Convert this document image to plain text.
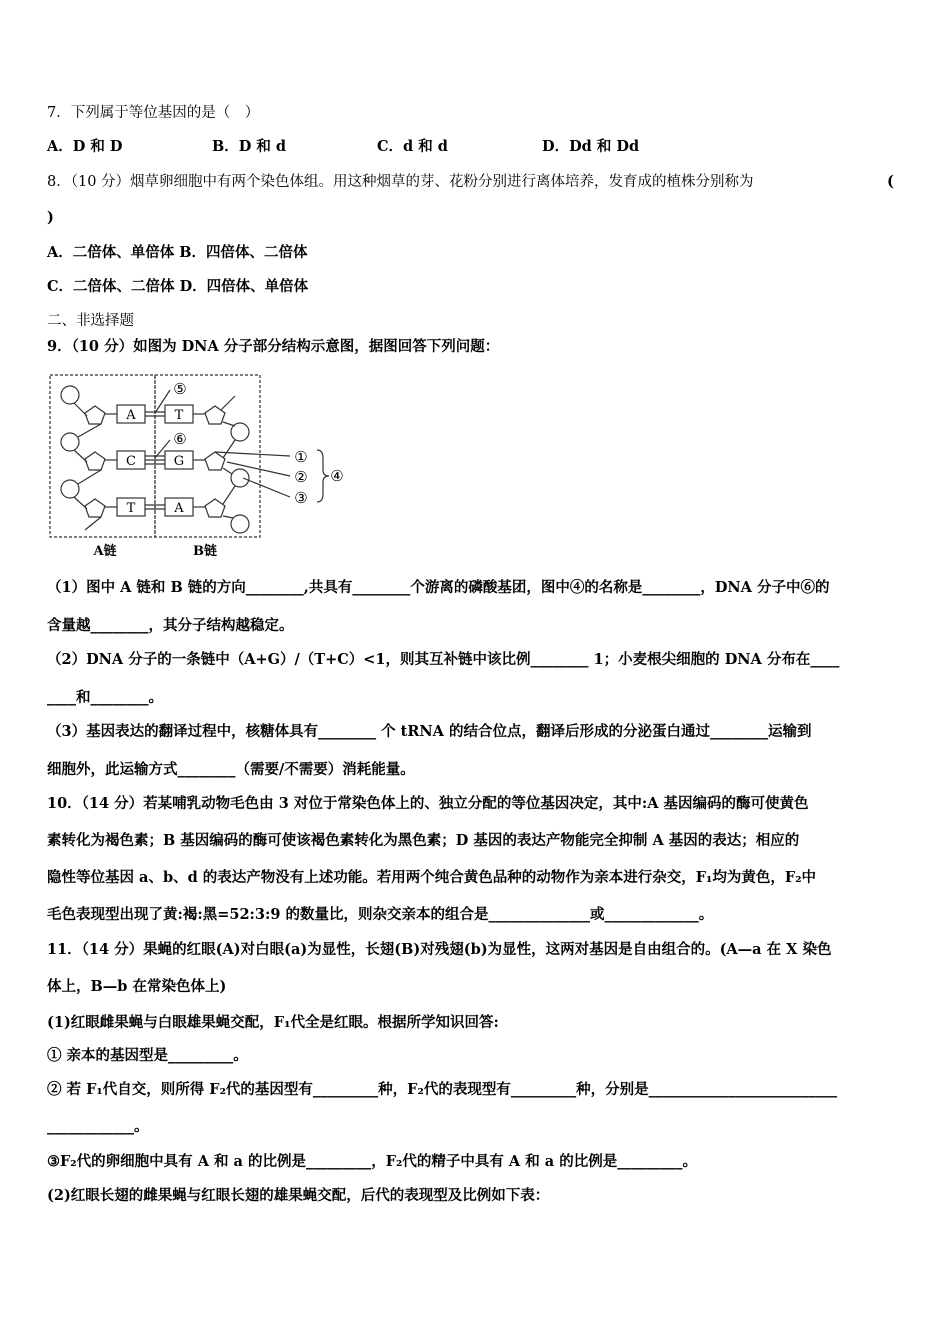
7．下列属于等位基因的是（　）
A．D 和 D	B．D 和 d	C．d 和 d	D．Dd 和 Dd
8．（10 分）烟草卵细胞中有两个染色体组。用这种烟草的芽、花粉分别进行离体培养，发育成的植株分别称为	(
)
A．二倍体、单倍体 B．四倍体、二倍体
C．二倍体、二倍体 D．四倍体、单倍体
二、非选择题
9．（10 分）如图为 DNA 分子部分结构示意图，据图回答下列问题：
A
C
T
T
G
A
⑤
⑥
①
②
③
④
A链	B链
（1）图中 A 链和 B 链的方向________,共具有________个游离的磷酸基团，图中④的名称是________，DNA 分子中⑥的
含量越________，其分子结构越稳定。
（2）DNA 分子的一条链中（A+G）/（T+C）<1，则其互补链中该比例________ 1；小麦根尖细胞的 DNA 分布在____
____和________。
（3）基因表达的翻译过程中，核糖体具有________ 个 tRNA 的结合位点，翻译后形成的分泌蛋白通过________运输到
细胞外，此运输方式________（需要/不需要）消耗能量。
10．（14 分）若某哺乳动物毛色由 3 对位于常染色体上的、独立分配的等位基因决定，其中:A 基因编码的酶可使黄色
素转化为褐色素；B 基因编码的酶可使该褐色素转化为黑色素；D 基因的表达产物能完全抑制 A 基因的表达；相应的
隐性等位基因 a、b、d 的表达产物没有上述功能。若用两个纯合黄色品种的动物作为亲本进行杂交，F₁均为黄色，F₂中
毛色表现型出现了黄:褐:黑=52:3:9 的数量比，则杂交亲本的组合是______________或_____________。
11．（14 分）果蝇的红眼(A)对白眼(a)为显性，长翅(B)对残翅(b)为显性，这两对基因是自由组合的。(A—a 在 X 染色
体上，B—b 在常染色体上)
(1)红眼雌果蝇与白眼雄果蝇交配，F₁代全是红眼。根据所学知识回答:
① 亲本的基因型是_________。
② 若 F₁代自交，则所得 F₂代的基因型有_________种，F₂代的表现型有_________种，分别是__________________________
____________。
③F₂代的卵细胞中具有 A 和 a 的比例是_________，F₂代的精子中具有 A 和 a 的比例是_________。
(2)红眼长翅的雌果蝇与红眼长翅的雄果蝇交配，后代的表现型及比例如下表：
